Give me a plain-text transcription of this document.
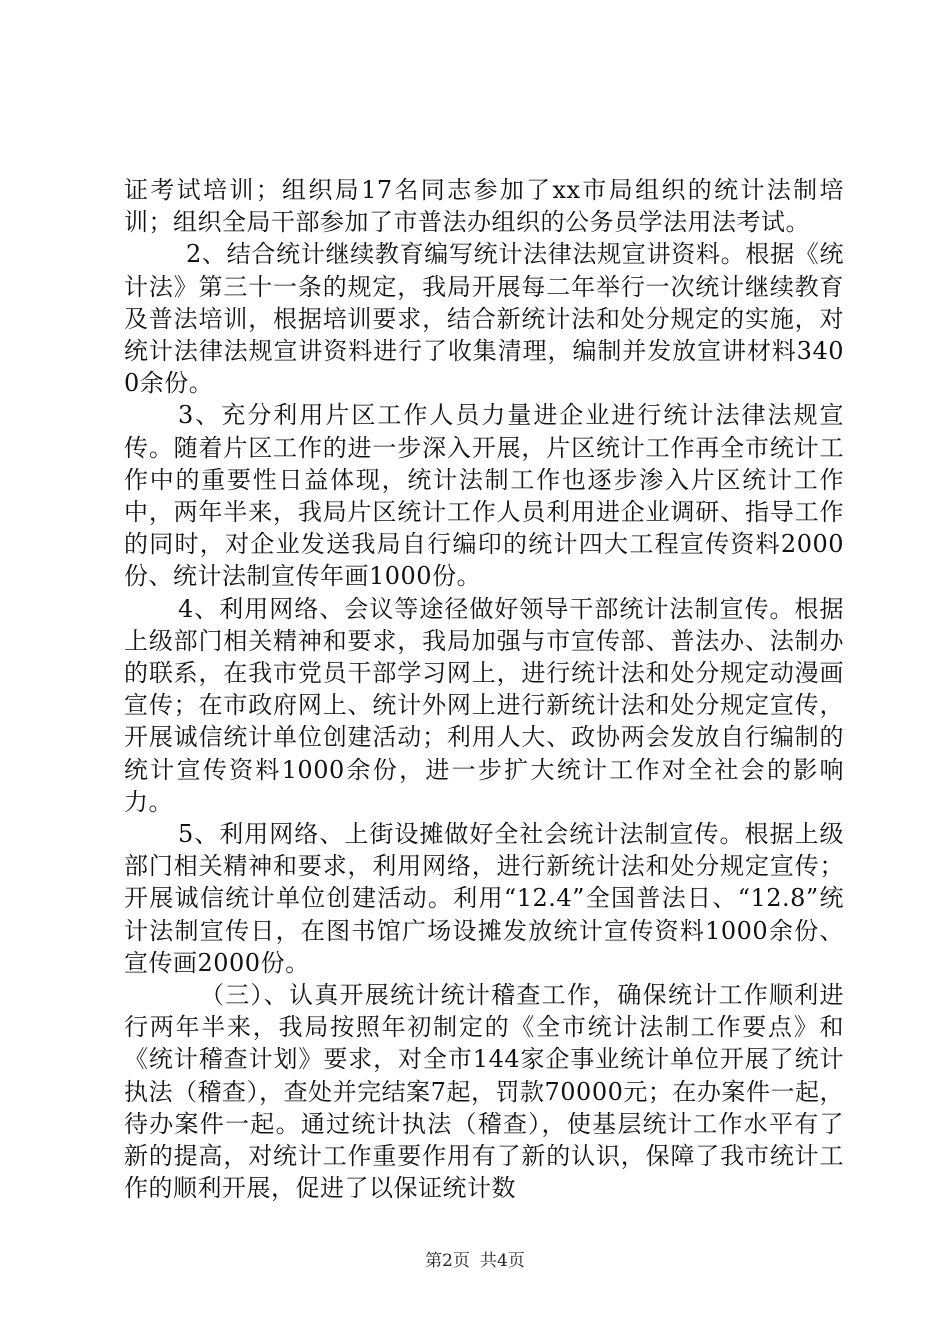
证考试培训；组织局17名同志参加了xx市局组织的统计法制培训；组织全局干部参加了市普法办组织的公务员学法用法考试。

2、结合统计继续教育编写统计法律法规宣讲资料。根据《统计法》第三十一条的规定，我局开展每二年举行一次统计继续教育及普法培训，根据培训要求，结合新统计法和处分规定的实施，对统计法律法规宣讲资料进行了收集清理，编制并发放宣讲材料3400余份。

3、充分利用片区工作人员力量进企业进行统计法律法规宣传。随着片区工作的进一步深入开展，片区统计工作再全市统计工作中的重要性日益体现，统计法制工作也逐步渗入片区统计工作中，两年半来，我局片区统计工作人员利用进企业调研、指导工作的同时，对企业发送我局自行编印的统计四大工程宣传资料2000份、统计法制宣传年画1000份。

4、利用网络、会议等途径做好领导干部统计法制宣传。根据上级部门相关精神和要求，我局加强与市宣传部、普法办、法制办的联系，在我市党员干部学习网上，进行统计法和处分规定动漫画宣传；在市政府网上、统计外网上进行新统计法和处分规定宣传，开展诚信统计单位创建活动；利用人大、政协两会发放自行编制的统计宣传资料1000余份，进一步扩大统计工作对全社会的影响力。

5、利用网络、上街设摊做好全社会统计法制宣传。根据上级部门相关精神和要求，利用网络，进行新统计法和处分规定宣传；开展诚信统计单位创建活动。利用“12.4”全国普法日、“12.8”统计法制宣传日，在图书馆广场设摊发放统计宣传资料1000余份、宣传画2000份。

（三）、认真开展统计统计稽查工作，确保统计工作顺利进行两年半来，我局按照年初制定的《全市统计法制工作要点》和《统计稽查计划》要求，对全市144家企事业统计单位开展了统计执法（稽查），查处并完结案7起，罚款70000元；在办案件一起，待办案件一起。通过统计执法（稽查），使基层统计工作水平有了新的提高，对统计工作重要作用有了新的认识，保障了我市统计工作的顺利开展，促进了以保证统计数

第2页 共4页
